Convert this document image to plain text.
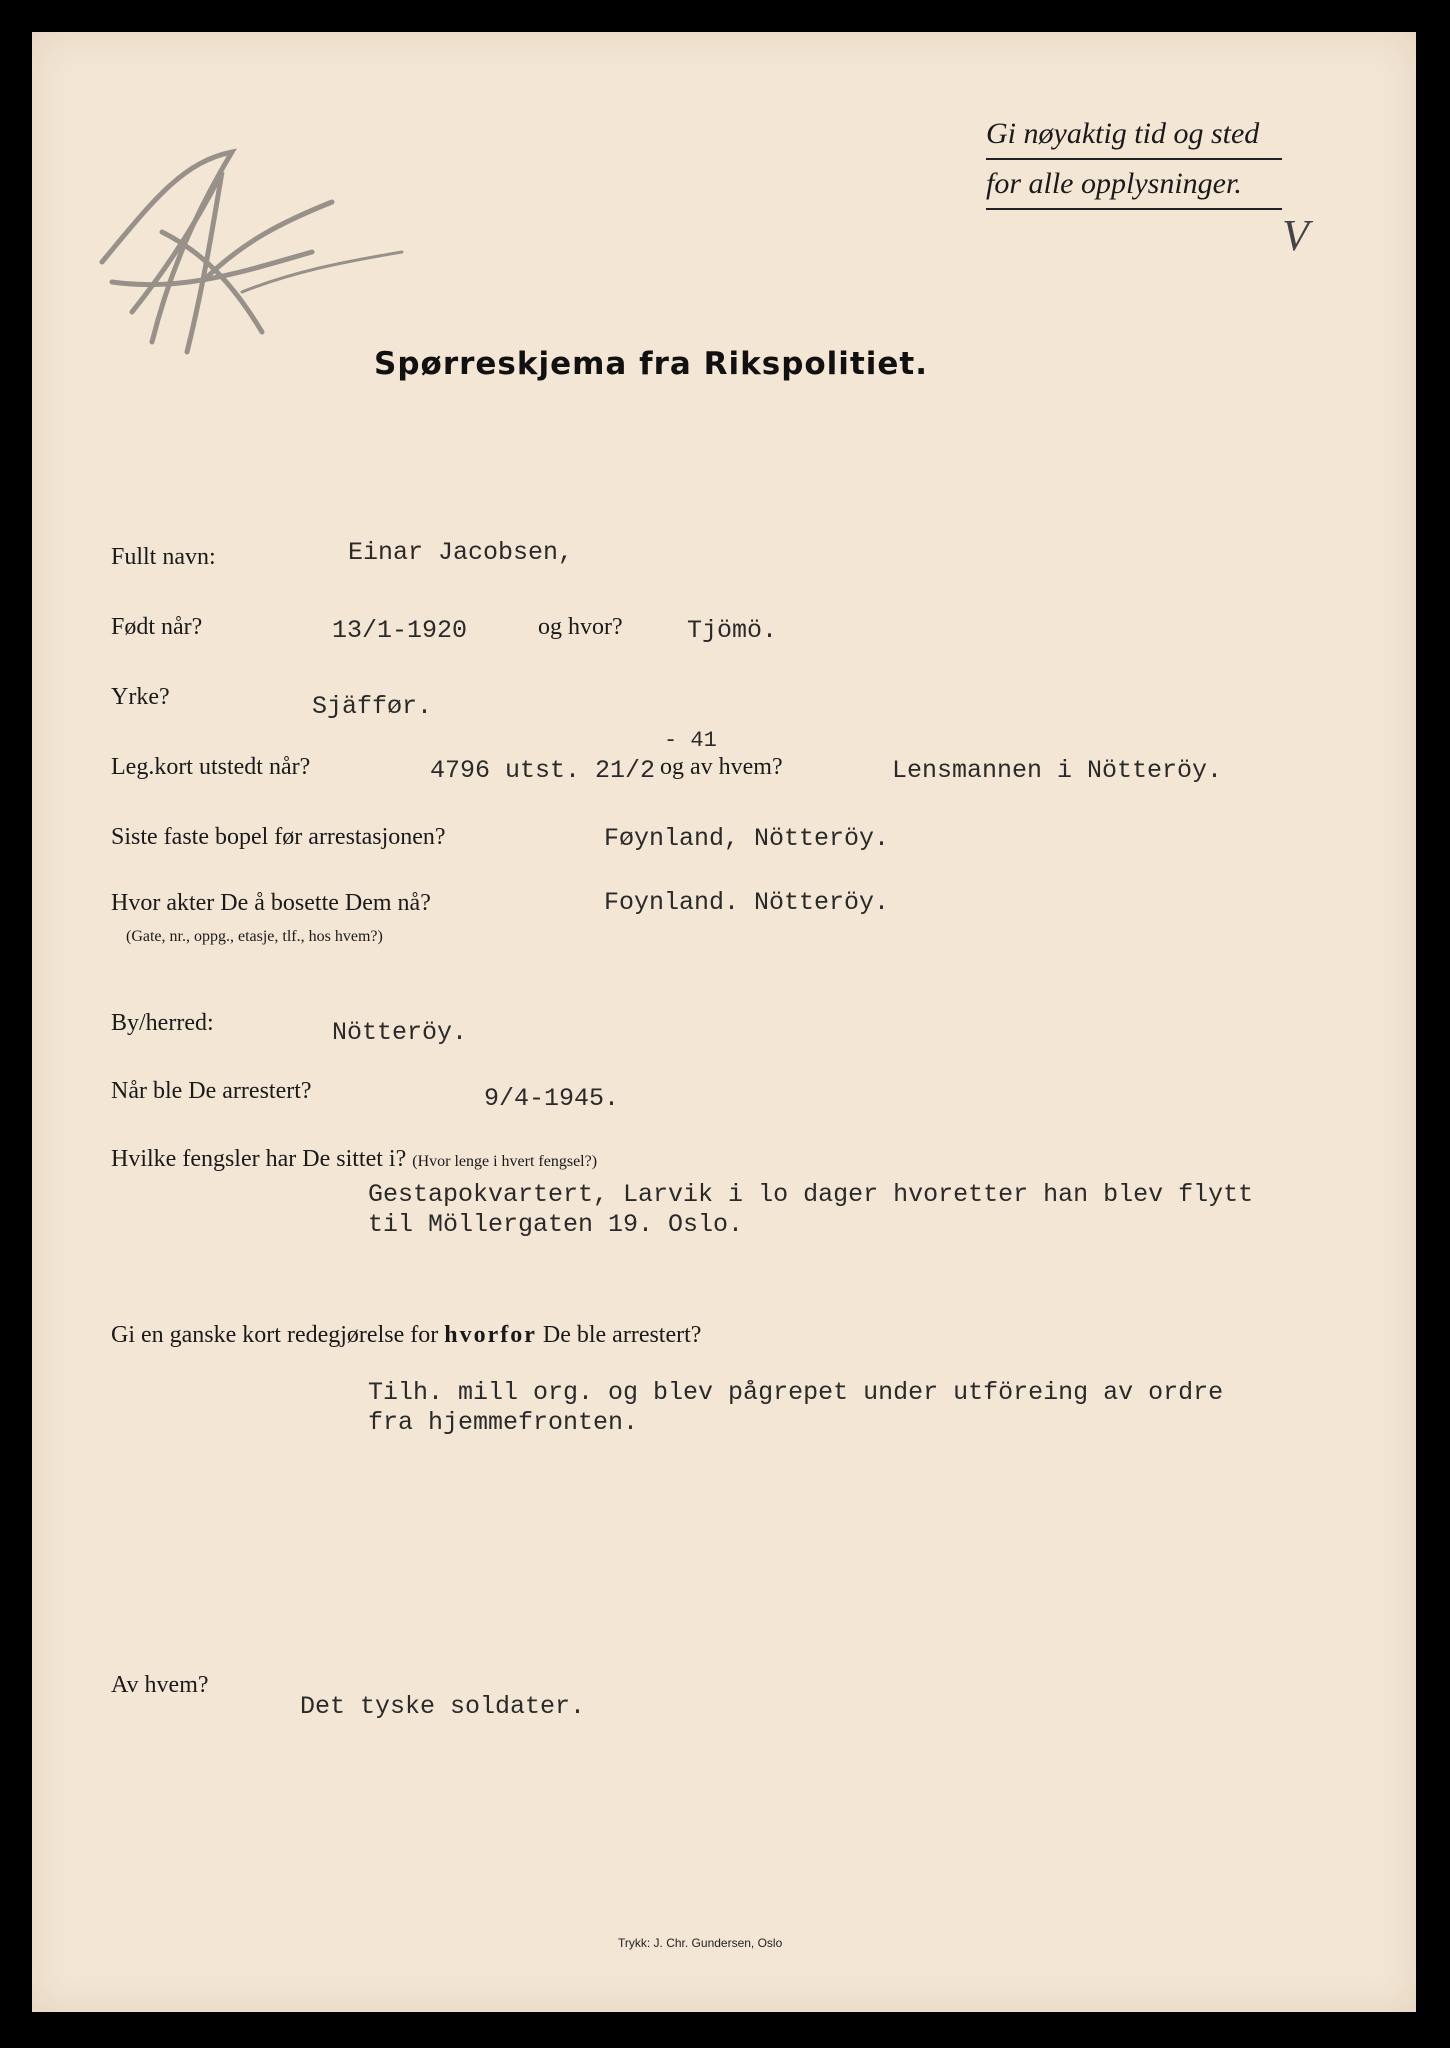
Gi nøyaktig tid og sted
for alle opplysninger.
V
Spørreskjema fra Rikspolitiet.
Fullt navn:	Einar Jacobsen,
Født når?	13/1-1920	og hvor?	Tjömö.
Yrke?	Sjäffør.
Leg.kort utstedt når?	4796 utst. 21/2
- 41
og av hvem?	Lensmannen i Nötteröy.
Siste faste bopel før arrestasjonen?	Føynland, Nötteröy.
Hvor akter De å bosette Dem nå?
(Gate, nr., oppg., etasje, tlf., hos hvem?)
Foynland. Nötteröy.
By/herred:	Nötteröy.
Når ble De arrestert?	9/4-1945.
Hvilke fengsler har De sittet i? (Hvor lenge i hvert fengsel?)
Gestapokvartert, Larvik i lo dager hvoretter han blev flytt
til Möllergaten 19. Oslo.
Gi en ganske kort redegjørelse for hvorfor De ble arrestert?
Tilh. mill org. og blev pågrepet under utföreing av ordre
fra hjemmefronten.
Av hvem?
Det tyske soldater.
Trykk: J. Chr. Gundersen, Oslo
